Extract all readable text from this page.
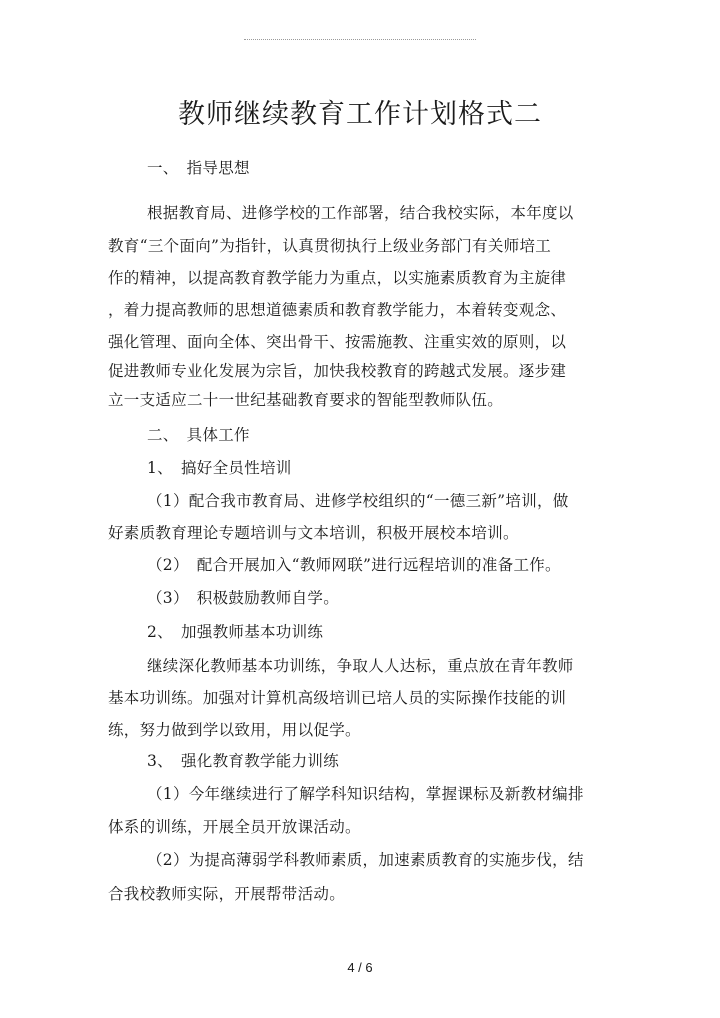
教师继续教育工作计划格式二
一、　指导思想
根据教育局、进修学校的工作部署，结合我校实际，本年度以
教育“三个面向”为指针，认真贯彻执行上级业务部门有关师培工
作的精神，以提高教育教学能力为重点，以实施素质教育为主旋律
，着力提高教师的思想道德素质和教育教学能力，本着转变观念、
强化管理、面向全体、突出骨干、按需施教、注重实效的原则，以
促进教师专业化发展为宗旨，加快我校教育的跨越式发展。逐步建
立一支适应二十一世纪基础教育要求的智能型教师队伍。
二、　具体工作
1、　搞好全员性培训
（1）配合我市教育局、进修学校组织的“一德三新”培训，做
好素质教育理论专题培训与文本培训，积极开展校本培训。
（2）　配合开展加入“教师网联”进行远程培训的准备工作。
（3）　积极鼓励教师自学。
2、　加强教师基本功训练
继续深化教师基本功训练，争取人人达标，重点放在青年教师
基本功训练。加强对计算机高级培训已培人员的实际操作技能的训
练，努力做到学以致用，用以促学。
3、　强化教育教学能力训练
（1）今年继续进行了解学科知识结构，掌握课标及新教材编排
体系的训练，开展全员开放课活动。
（2）为提高薄弱学科教师素质，加速素质教育的实施步伐，结
合我校教师实际，开展帮带活动。
4 / 6
